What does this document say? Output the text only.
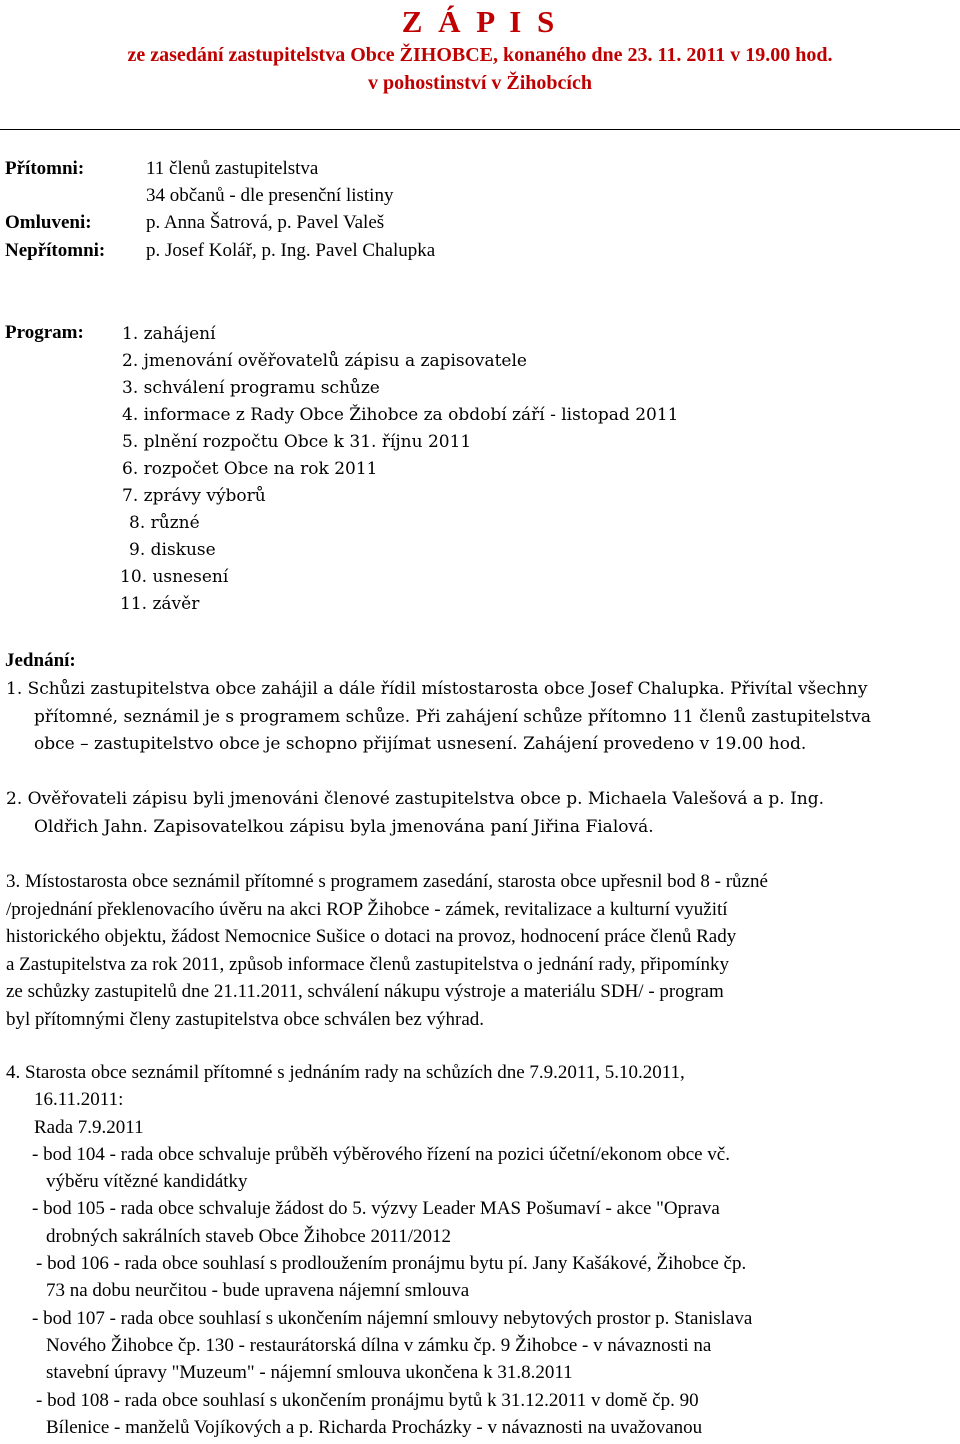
Z Á P I S
ze zasedání zastupitelstva Obce ŽIHOBCE, konaného dne 23. 11. 2011 v 19.00 hod.
v pohostinství v Žihobcích
Přítomni:	11 členů zastupitelstva
34 občanů - dle presenční listiny
Omluveni:	p. Anna Šatrová, p. Pavel Valeš
Nepřítomni: p. Josef Kolář, p. Ing. Pavel Chalupka
Program: 1. zahájení
2. jmenování ověřovatelů zápisu a zapisovatele
3. schválení programu schůze
4. informace z Rady Obce Žihobce za období září - listopad 2011
5. plnění rozpočtu Obce k 31. říjnu 2011
6. rozpočet Obce na rok 2011
7. zprávy výborů
8. různé
9. diskuse
10. usnesení
11. závěr
Jednání:
1. Schůzi zastupitelstva obce zahájil a dále řídil místostarosta obce Josef Chalupka. Přivítal všechny
přítomné, seznámil je s programem schůze. Při zahájení schůze přítomno 11 členů zastupitelstva
obce – zastupitelstvo obce je schopno přijímat usnesení. Zahájení provedeno v 19.00 hod.
2. Ověřovateli zápisu byli jmenováni členové zastupitelstva obce p. Michaela Valešová a p. Ing.
Oldřich Jahn. Zapisovatelkou zápisu byla jmenována paní Jiřina Fialová.
3. Místostarosta obce seznámil přítomné s programem zasedání, starosta obce upřesnil bod 8 - různé
/projednání překlenovacího úvěru na akci ROP Žihobce - zámek, revitalizace a kulturní využití
historického objektu, žádost Nemocnice Sušice o dotaci na provoz, hodnocení práce členů Rady
a Zastupitelstva za rok 2011, způsob informace členů zastupitelstva o jednání rady, připomínky
ze schůzky zastupitelů dne 21.11.2011, schválení nákupu výstroje a materiálu SDH/ - program
byl přítomnými členy zastupitelstva obce schválen bez výhrad.
4. Starosta obce seznámil přítomné s jednáním rady na schůzích dne 7.9.2011, 5.10.2011,
16.11.2011:
Rada 7.9.2011
- bod 104 - rada obce schvaluje průběh výběrového řízení na pozici účetní/ekonom obce vč.
výběru vítězné kandidátky
- bod 105 - rada obce schvaluje žádost do 5. výzvy Leader MAS Pošumaví - akce "Oprava
drobných sakrálních staveb Obce Žihobce 2011/2012
- bod 106 - rada obce souhlasí s prodloužením pronájmu bytu pí. Jany Kašákové, Žihobce čp.
73 na dobu neurčitou - bude upravena nájemní smlouva
- bod 107 - rada obce souhlasí s ukončením nájemní smlouvy nebytových prostor p. Stanislava
Nového Žihobce čp. 130 - restaurátorská dílna v zámku čp. 9 Žihobce - v návaznosti na
stavební úpravy "Muzeum" - nájemní smlouva ukončena k 31.8.2011
- bod 108 - rada obce souhlasí s ukončením pronájmu bytů k 31.12.2011 v domě čp. 90
Bílenice - manželů Vojíkových a p. Richarda Procházky - v návaznosti na uvažovanou
